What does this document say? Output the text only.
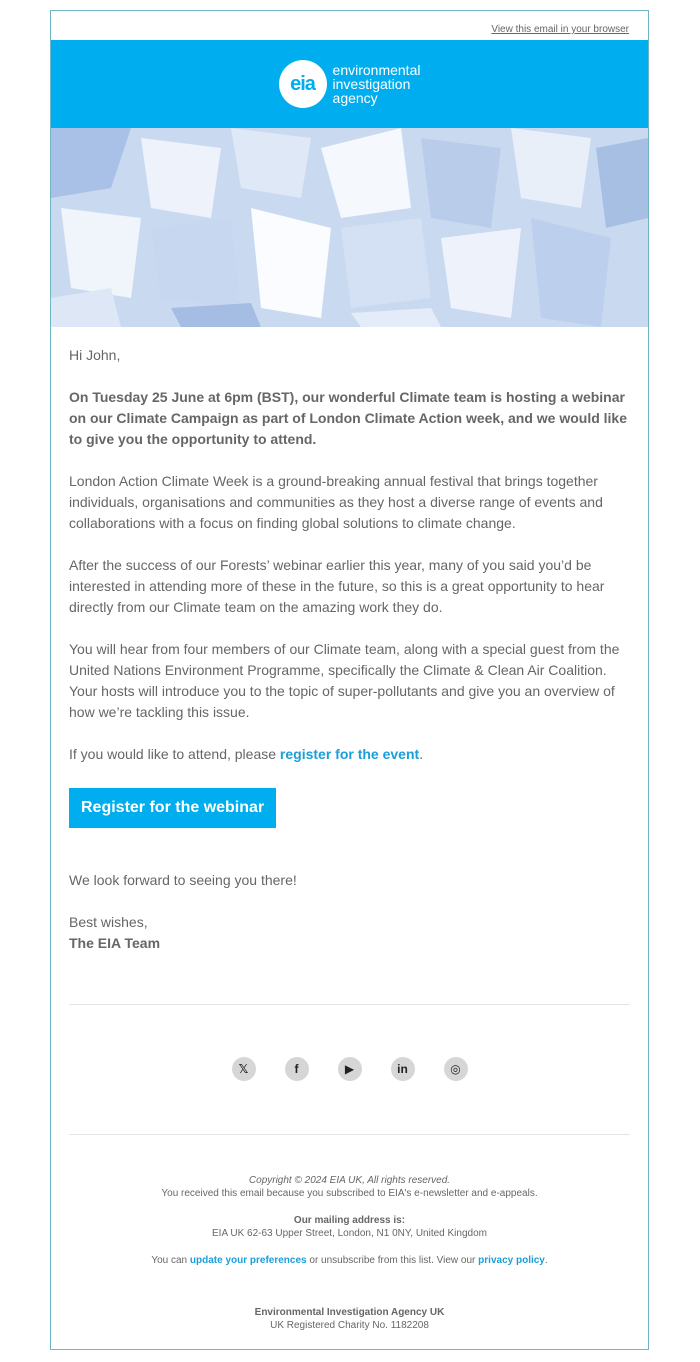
View this email in your browser
eia
environmental
investigation
agency

Hi John,

On Tuesday 25 June at 6pm (BST), our wonderful Climate team is hosting a webinar on our Climate Campaign as part of London Climate Action week, and we would like to give you the opportunity to attend.

London Action Climate Week is a ground-breaking annual festival that brings together individuals, organisations and communities as they host a diverse range of events and collaborations with a focus on finding global solutions to climate change.

After the success of our Forests’ webinar earlier this year, many of you said you’d be interested in attending more of these in the future, so this is a great opportunity to hear directly from our Climate team on the amazing work they do.

You will hear from four members of our Climate team, along with a special guest from the United Nations Environment Programme, specifically the Climate & Clean Air Coalition. Your hosts will introduce you to the topic of super-pollutants and give you an overview of how we’re tackling this issue.

If you would like to attend, please register for the event.

Register for the webinar

We look forward to seeing you there!

Best wishes,
The EIA Team
𝕏	f	▶	in	◎

Copyright © 2024 EIA UK, All rights reserved.
You received this email because you subscribed to EIA's e-newsletter and e-appeals.

Our mailing address is:
EIA UK 62-63 Upper Street, London, N1 0NY, United Kingdom

You can update your preferences or unsubscribe from this list. View our privacy policy.

Environmental Investigation Agency UK
UK Registered Charity No. 1182208
